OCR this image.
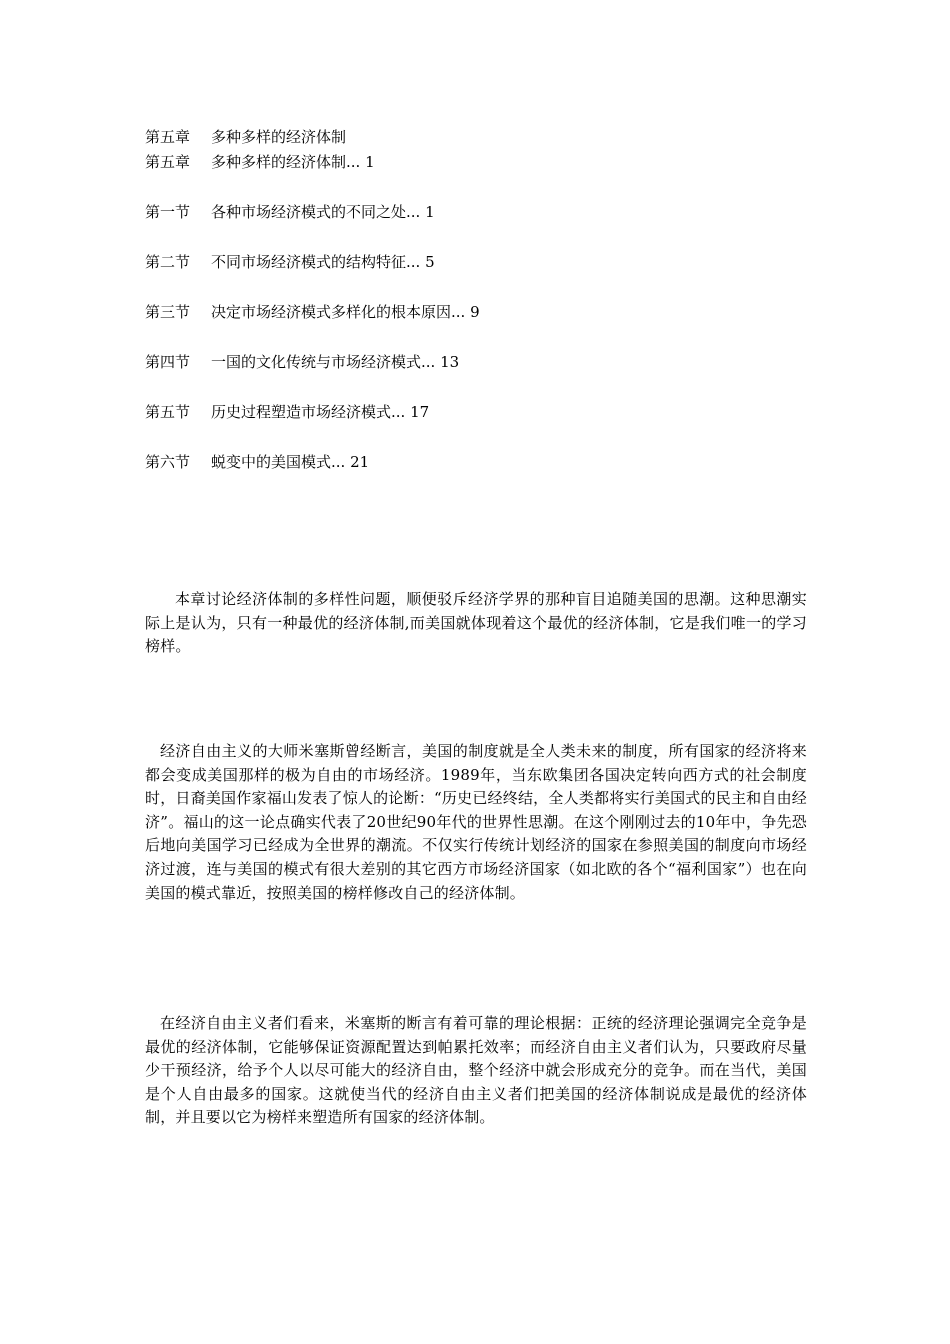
第五章 多种多样的经济体制
第五章 多种多样的经济体制... 1
第一节 各种市场经济模式的不同之处... 1
第二节 不同市场经济模式的结构特征... 5
第三节 决定市场经济模式多样化的根本原因... 9
第四节 一国的文化传统与市场经济模式... 13
第五节 历史过程塑造市场经济模式... 17
第六节 蜕变中的美国模式... 21

本章讨论经济体制的多样性问题，顺便驳斥经济学界的那种盲目追随美国的思潮。这种思潮实际上是认为，只有一种最优的经济体制,而美国就体现着这个最优的经济体制，它是我们唯一的学习榜样。

经济自由主义的大师米塞斯曾经断言，美国的制度就是全人类未来的制度，所有国家的经济将来都会变成美国那样的极为自由的市场经济。1989年，当东欧集团各国决定转向西方式的社会制度时，日裔美国作家福山发表了惊人的论断：“历史已经终结，全人类都将实行美国式的民主和自由经济”。福山的这一论点确实代表了20世纪90年代的世界性思潮。在这个刚刚过去的10年中，争先恐后地向美国学习已经成为全世界的潮流。不仅实行传统计划经济的国家在参照美国的制度向市场经济过渡，连与美国的模式有很大差别的其它西方市场经济国家（如北欧的各个“福利国家”）也在向美国的模式靠近，按照美国的榜样修改自己的经济体制。

在经济自由主义者们看来，米塞斯的断言有着可靠的理论根据：正统的经济理论强调完全竞争是最优的经济体制，它能够保证资源配置达到帕累托效率；而经济自由主义者们认为，只要政府尽量少干预经济，给予个人以尽可能大的经济自由，整个经济中就会形成充分的竞争。而在当代，美国是个人自由最多的国家。这就使当代的经济自由主义者们把美国的经济体制说成是最优的经济体制，并且要以它为榜样来塑造所有国家的经济体制。
